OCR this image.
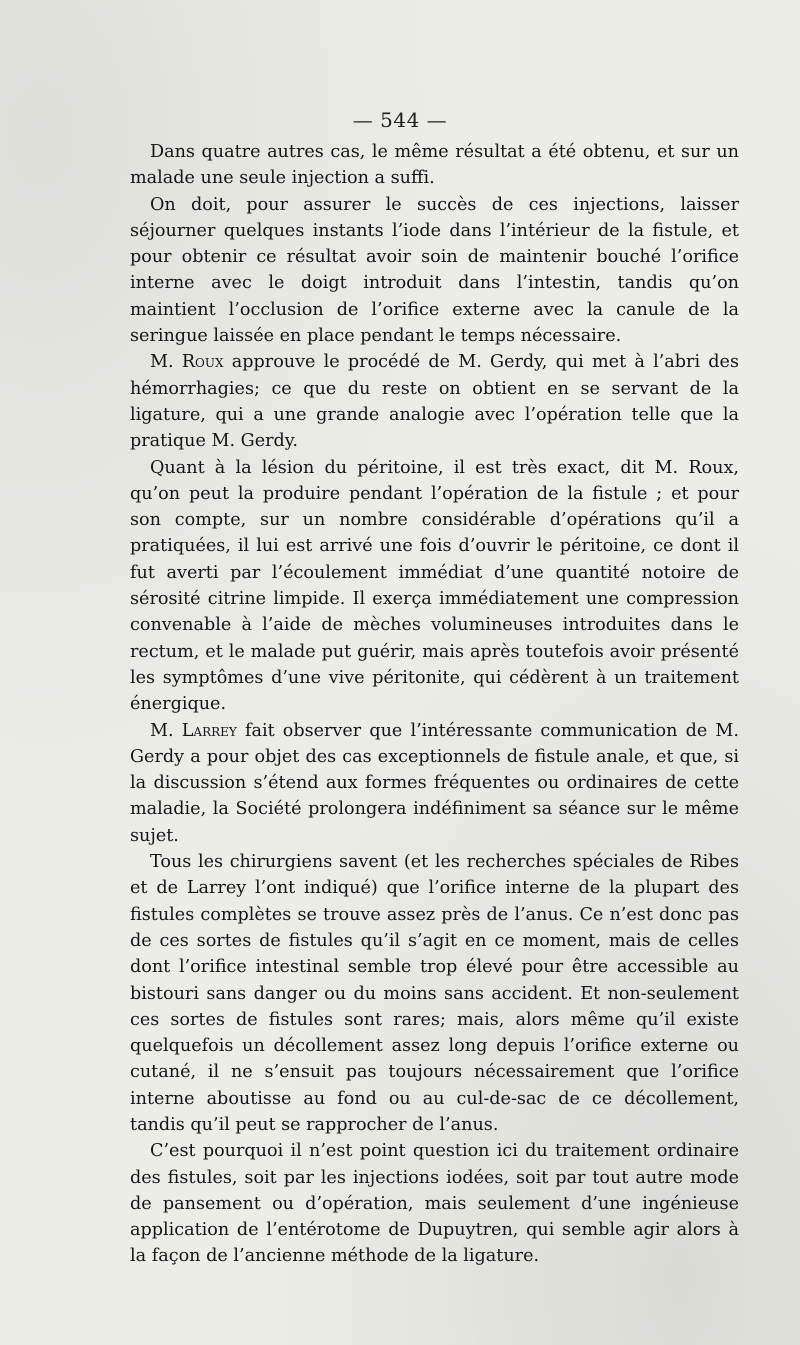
— 544 —

Dans quatre autres cas, le même résultat a été obtenu, et sur un malade une seule injection a suffi.

On doit, pour assurer le succès de ces injections, laisser séjourner quelques instants l’iode dans l’intérieur de la fistule, et pour obtenir ce résultat avoir soin de maintenir bouché l’orifice interne avec le doigt introduit dans l’intestin, tandis qu’on maintient l’occlusion de l’orifice externe avec la canule de la seringue laissée en place pendant le temps nécessaire.

M. Roux approuve le procédé de M. Gerdy, qui met à l’abri des hémorrhagies; ce que du reste on obtient en se servant de la ligature, qui a une grande analogie avec l’opération telle que la pratique M. Gerdy.

Quant à la lésion du péritoine, il est très exact, dit M. Roux, qu’on peut la produire pendant l’opération de la fistule ; et pour son compte, sur un nombre considérable d’opérations qu’il a pratiquées, il lui est arrivé une fois d’ouvrir le péritoine, ce dont il fut averti par l’écoulement immédiat d’une quantité notoire de sérosité citrine limpide. Il exerça immédiatement une compression convenable à l’aide de mèches volumineuses introduites dans le rectum, et le malade put guérir, mais après toutefois avoir présenté les symptômes d’une vive péritonite, qui cédèrent à un traitement énergique.

M. Larrey fait observer que l’intéressante communication de M. Gerdy a pour objet des cas exceptionnels de fistule anale, et que, si la discussion s’étend aux formes fréquentes ou ordinaires de cette maladie, la Société prolongera indéfiniment sa séance sur le même sujet.

Tous les chirurgiens savent (et les recherches spéciales de Ribes et de Larrey l’ont indiqué) que l’orifice interne de la plupart des fistules complètes se trouve assez près de l’anus. Ce n’est donc pas de ces sortes de fistules qu’il s’agit en ce moment, mais de celles dont l’orifice intestinal semble trop élevé pour être accessible au bistouri sans danger ou du moins sans accident. Et non-seulement ces sortes de fistules sont rares; mais, alors même qu’il existe quelquefois un décollement assez long depuis l’orifice externe ou cutané, il ne s’ensuit pas toujours nécessairement que l’orifice interne aboutisse au fond ou au cul-de-sac de ce décollement, tandis qu’il peut se rapprocher de l’anus.

C’est pourquoi il n’est point question ici du traitement ordinaire des fistules, soit par les injections iodées, soit par tout autre mode de pansement ou d’opération, mais seulement d’une ingénieuse application de l’entérotome de Dupuytren, qui semble agir alors à la façon de l’ancienne méthode de la ligature.
